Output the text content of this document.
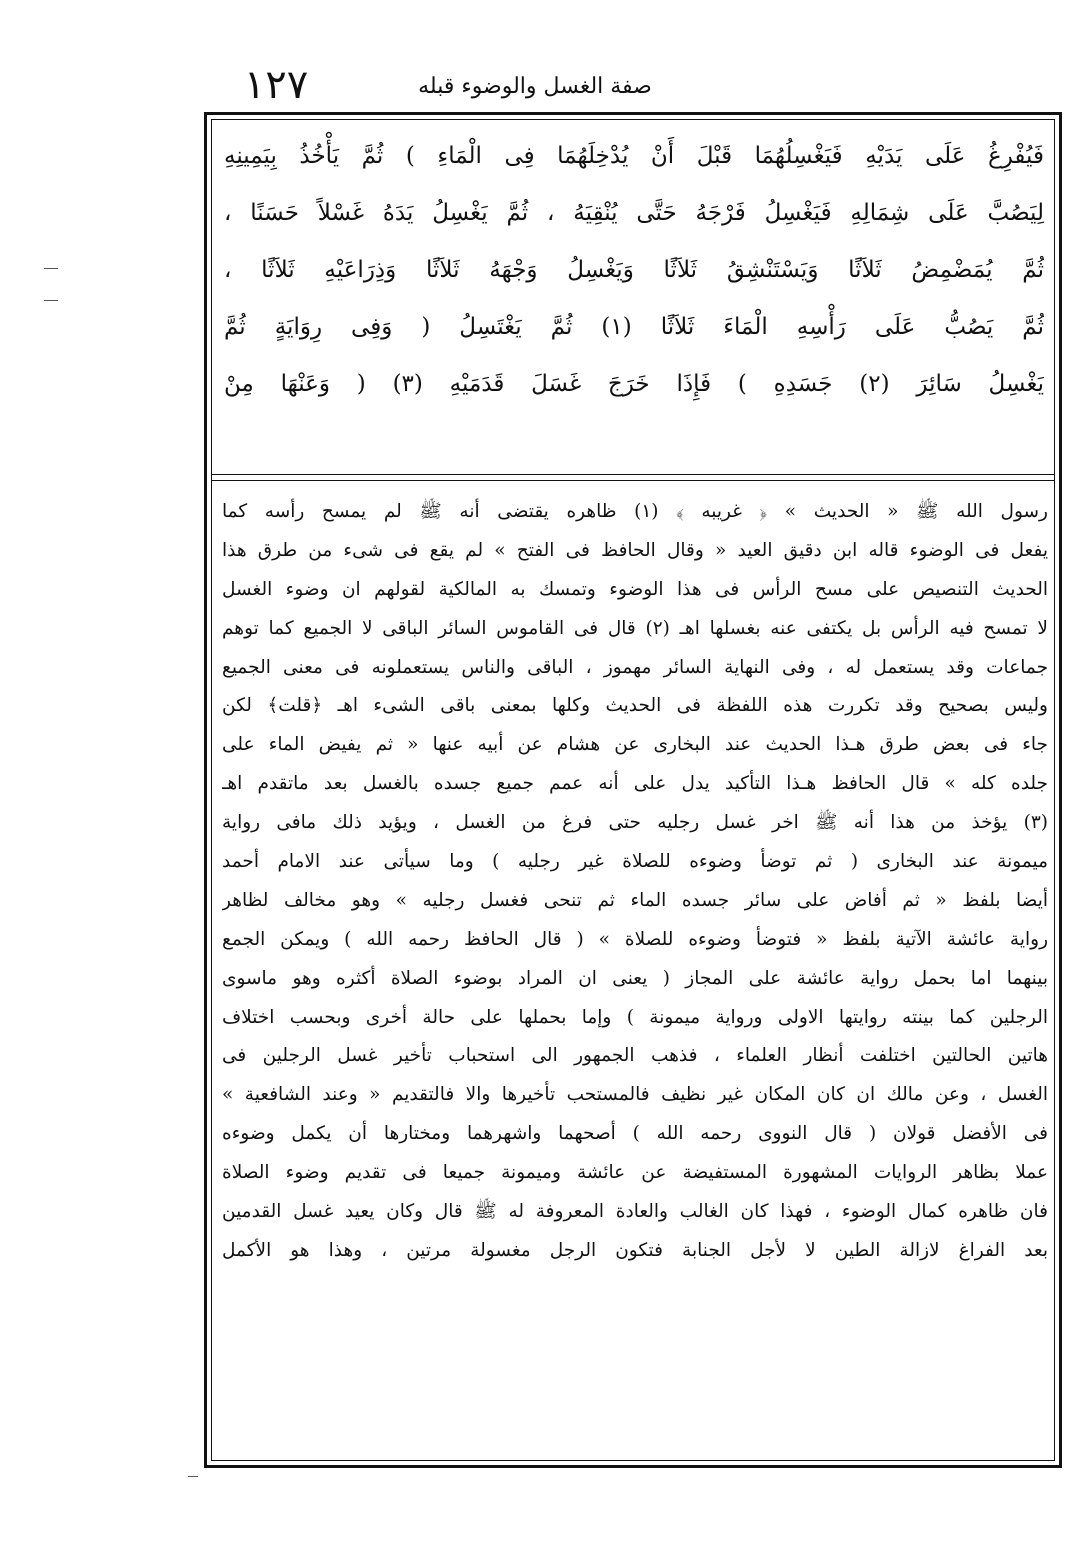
١٢٧	صفة الغسل والوضوء قبله
فَيُفْرِغُ عَلَى يَدَيْهِ فَيَغْسِلُهُمَا قَبْلَ أَنْ يُدْخِلَهُمَا فِى الْمَاءِ ) ثُمَّ يَأْخُذُ بِيَمِينِهِ
لِيَصُبَّ عَلَى شِمَالِهِ فَيَغْسِلُ فَرْجَهُ حَتَّى يُنْقِيَهُ ، ثُمَّ يَغْسِلُ يَدَهُ غَسْلاً حَسَنًا ،
ثُمَّ يُمَضْمِضُ ثَلاَثًا وَيَسْتَنْشِقُ ثَلاَثًا وَيَغْسِلُ وَجْهَهُ ثَلاَثًا وَذِرَاعَيْهِ ثَلاَثًا ،
ثُمَّ يَصُبُّ عَلَى رَأْسِهِ الْمَاءَ ثَلاَثًا (١) ثُمَّ يَغْتَسِلُ ( وَفِى رِوَايَةٍ ثُمَّ
يَغْسِلُ سَائِرَ (٢) جَسَدِهِ ) فَإِذَا خَرَجَ غَسَلَ قَدَمَيْهِ (٣) ( وَعَنْهَا مِنْ
رسول الله ﷺ « الحديث » ﴿ غريبه ﴾ (١) ظاهره يقتضى أنه ﷺ لم يمسح رأسه كما
يفعل فى الوضوء قاله ابن دقيق العيد « وقال الحافظ فى الفتح » لم يقع فى شىء من طرق هذا
الحديث التنصيص على مسح الرأس فى هذا الوضوء وتمسك به المالكية لقولهم ان وضوء الغسل
لا تمسح فيه الرأس بل يكتفى عنه بغسلها اهـ (٢) قال فى القاموس السائر الباقى لا الجميع كما توهم
جماعات وقد يستعمل له ، وفى النهاية السائر مهموز ، الباقى والناس يستعملونه فى معنى الجميع
وليس بصحيح وقد تكررت هذه اللفظة فى الحديث وكلها بمعنى باقى الشىء اهـ ﴿قلت﴾ لكن
جاء فى بعض طرق هـذا الحديث عند البخارى عن هشام عن أبيه عنها « ثم يفيض الماء على
جلده كله » قال الحافظ هـذا التأكيد يدل على أنه عمم جميع جسده بالغسل بعد ماتقدم اهـ
(٣) يؤخذ من هذا أنه ﷺ اخر غسل رجليه حتى فرغ من الغسل ، ويؤيد ذلك مافى رواية
ميمونة عند البخارى ( ثم توضأ وضوءه للصلاة غير رجليه ) وما سيأتى عند الامام أحمد
أيضا بلفظ « ثم أفاض على سائر جسده الماء ثم تنحى فغسل رجليه » وهو مخالف لظاهر
رواية عائشة الآتية بلفظ « فتوضأ وضوءه للصلاة » ( قال الحافظ رحمه الله ) ويمكن الجمع
بينهما اما بحمل رواية عائشة على المجاز ( يعنى ان المراد بوضوء الصلاة أكثره وهو ماسوى
الرجلين كما بينته روايتها الاولى ورواية ميمونة ) وإما بحملها على حالة أخرى وبحسب اختلاف
هاتين الحالتين اختلفت أنظار العلماء ، فذهب الجمهور الى استحباب تأخير غسل الرجلين فى
الغسل ، وعن مالك ان كان المكان غير نظيف فالمستحب تأخيرها والا فالتقديم « وعند الشافعية »
فى الأفضل قولان ( قال النووى رحمه الله ) أصحهما واشهرهما ومختارها أن يكمل وضوءه
عملا بظاهر الروايات المشهورة المستفيضة عن عائشة وميمونة جميعا فى تقديم وضوء الصلاة
فان ظاهره كمال الوضوء ، فهذا كان الغالب والعادة المعروفة له ﷺ قال وكان يعيد غسل القدمين
بعد الفراغ لازالة الطين لا لأجل الجنابة فتكون الرجل مغسولة مرتين ، وهذا هو الأكمل
